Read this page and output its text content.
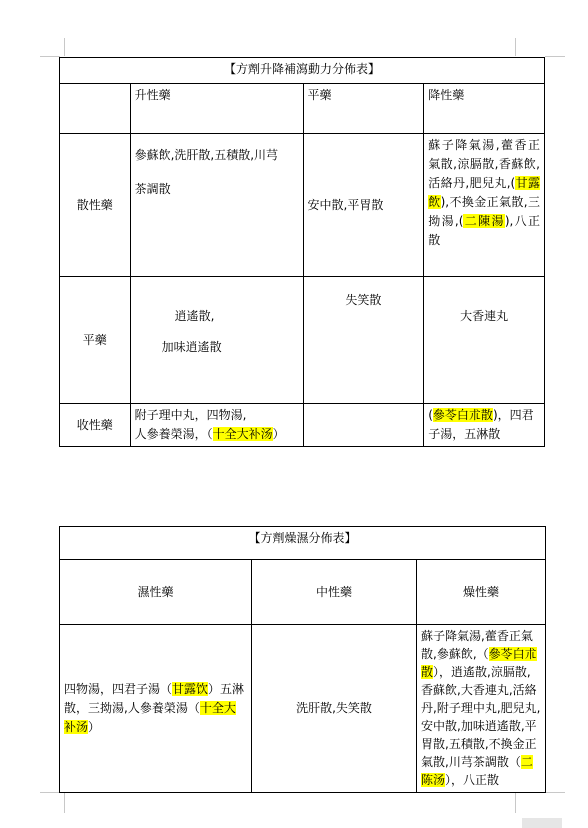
【方劑升降補瀉動力分佈表】			
	升性藥	平藥	降性藥
散性藥	參蘇飲,洗肝散,五積散,川芎
茶調散	安中散,平胃散	蘇子降氣湯,藿香正氣散,涼膈散,香蘇飲,活絡丹,肥兒丸,(甘露飲),不換金正氣散,三拗湯,(二陳湯),八正散
平藥	逍遙散,
加味逍遙散	失笑散	大香連丸
收性藥	附子理中丸，四物湯,
人參養榮湯，（十全大补汤）		(參苓白朮散)，四君子湯，五淋散
【方劑燥濕分佈表】		
濕性藥	中性藥	燥性藥
四物湯，四君子湯（甘露饮）五淋散，三拗湯,人參養榮湯（十全大补汤）	洗肝散,失笑散	蘇子降氣湯,藿香正氣散,參蘇飲,（參苓白朮散），逍遙散,涼膈散,香蘇飲,大香連丸,活絡丹,附子理中丸,肥兒丸,安中散,加味逍遙散,平胃散,五積散,不換金正氣散,川芎茶調散（二陈汤），八正散
